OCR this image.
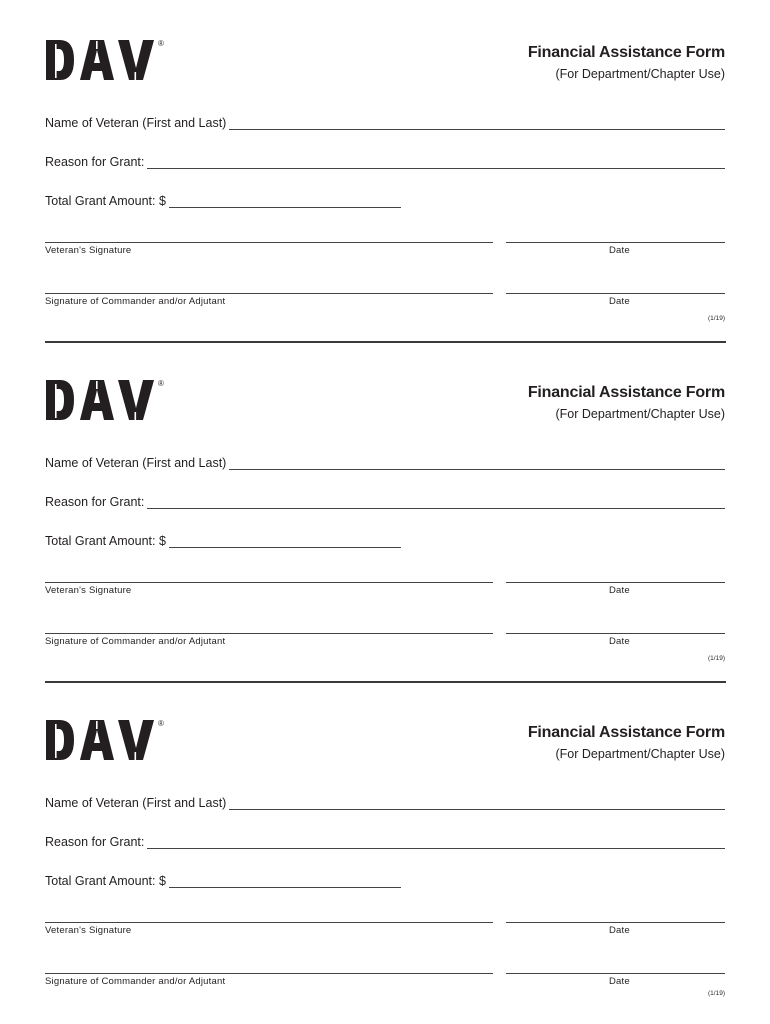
®
Financial Assistance Form
(For Department/Chapter Use)
Name of Veteran (First and Last)
Reason for Grant:
Total Grant Amount: $
Veteran's Signature	Date
Signature of Commander and/or Adjutant	Date
(1/19)
®
Financial Assistance Form
(For Department/Chapter Use)
Name of Veteran (First and Last)
Reason for Grant:
Total Grant Amount: $
Veteran's Signature	Date
Signature of Commander and/or Adjutant	Date
(1/19)
®
Financial Assistance Form
(For Department/Chapter Use)
Name of Veteran (First and Last)
Reason for Grant:
Total Grant Amount: $
Veteran's Signature	Date
Signature of Commander and/or Adjutant	Date
(1/19)
